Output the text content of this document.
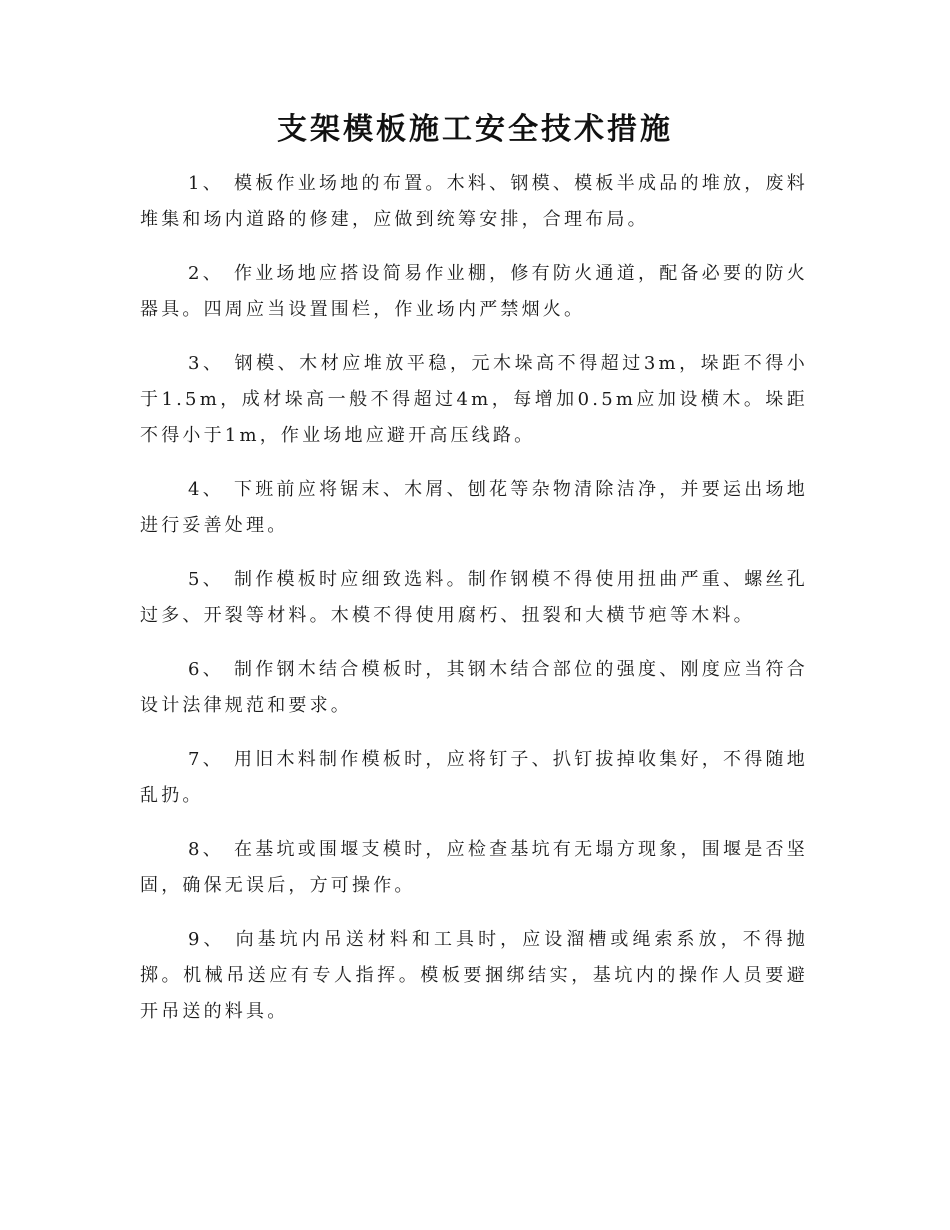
支架模板施工安全技术措施

1、 模板作业场地的布置。木料、钢模、模板半成品的堆放，废料堆集和场内道路的修建，应做到统筹安排，合理布局。

2、 作业场地应搭设简易作业棚，修有防火通道，配备必要的防火器具。四周应当设置围栏，作业场内严禁烟火。

3、 钢模、木材应堆放平稳，元木垛高不得超过3m，垛距不得小于1.5m，成材垛高一般不得超过4m，每增加0.5m应加设横木。垛距不得小于1m，作业场地应避开高压线路。

4、 下班前应将锯末、木屑、刨花等杂物清除洁净，并要运出场地进行妥善处理。

5、 制作模板时应细致选料。制作钢模不得使用扭曲严重、螺丝孔过多、开裂等材料。木模不得使用腐朽、扭裂和大横节疤等木料。

6、 制作钢木结合模板时，其钢木结合部位的强度、刚度应当符合设计法律规范和要求。

7、 用旧木料制作模板时，应将钉子、扒钉拔掉收集好，不得随地乱扔。

8、 在基坑或围堰支模时，应检查基坑有无塌方现象，围堰是否坚固，确保无误后，方可操作。

9、 向基坑内吊送材料和工具时，应设溜槽或绳索系放，不得抛掷。机械吊送应有专人指挥。模板要捆绑结实，基坑内的操作人员要避开吊送的料具。
